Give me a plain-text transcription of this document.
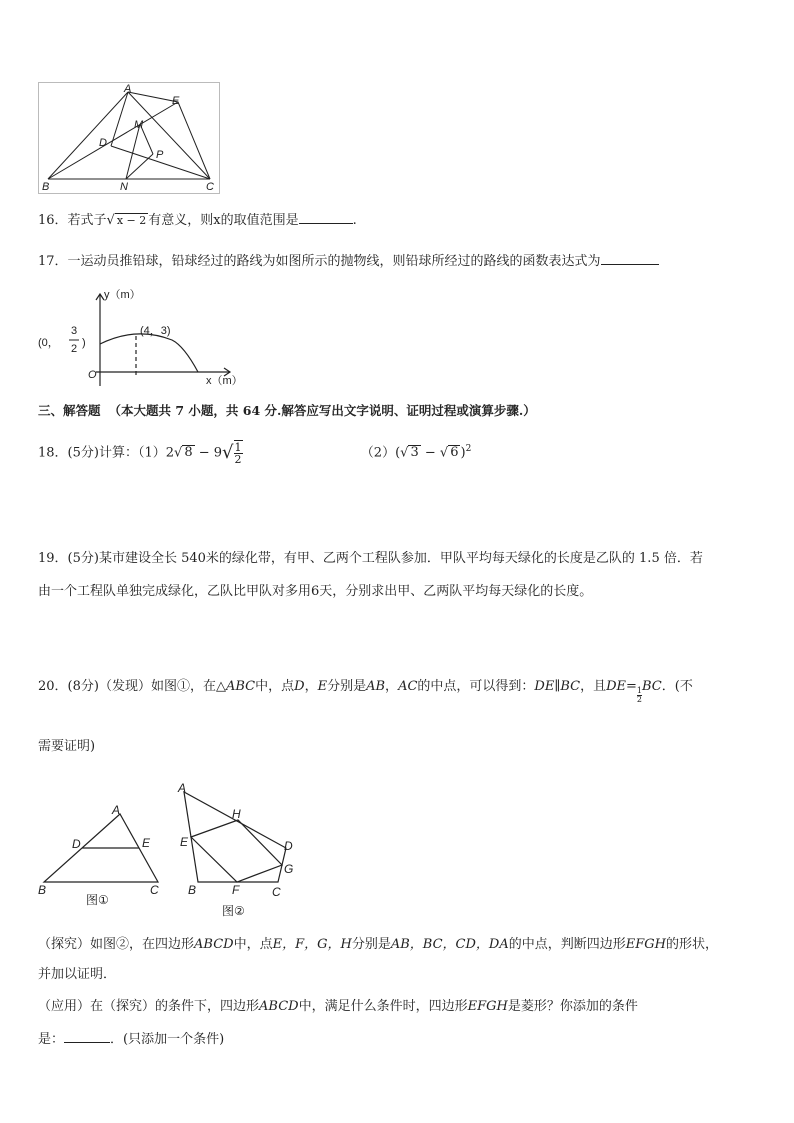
A
E
M
D
P
B	N	C
16．若式子√ x − 2 有意义，则x的取值范围是	.
17．一运动员推铅球，铅球经过的路线为如图所示的抛物线，则铅球所经过的路线的函数表达式为
y（m）
x（m）
O
(4，3)
(0，
3
2 )
三、解答题 （本大题共 7 小题，共 64 分.解答应写出文字说明、证明过程或演算步骤.）
18．(5分)计算：（1）2√ $8 - 9√ \frac{1}{2}$	（2）(√ 3 − √ 6 )$^2$
19．(5分)某市建设全长 540米的绿化带，有甲、乙两个工程队参加．甲队平均每天绿化的长度是乙队的 1.5 倍．若
由一个工程队单独完成绿化，乙队比甲队对多用6天，分别求出甲、乙两队平均每天绿化的长度。
20．(8分)（发现）如图①，在△ABC中，点D，E分别是AB，AC的中点，可以得到：DE∥BC，且DE=
$\frac{1}{2}$
BC．(不
需要证明)
A
D	E
B	C
图①
A
H
D
E
G
B	F	C
图②
（探究）如图②，在四边形ABCD中，点E，F，G，H分别是AB，BC，CD，DA的中点，判断四边形EFGH的形状，
并加以证明．
（应用）在（探究）的条件下，四边形ABCD中，满足什么条件时，四边形EFGH是菱形？你添加的条件
是：	．(只添加一个条件)
